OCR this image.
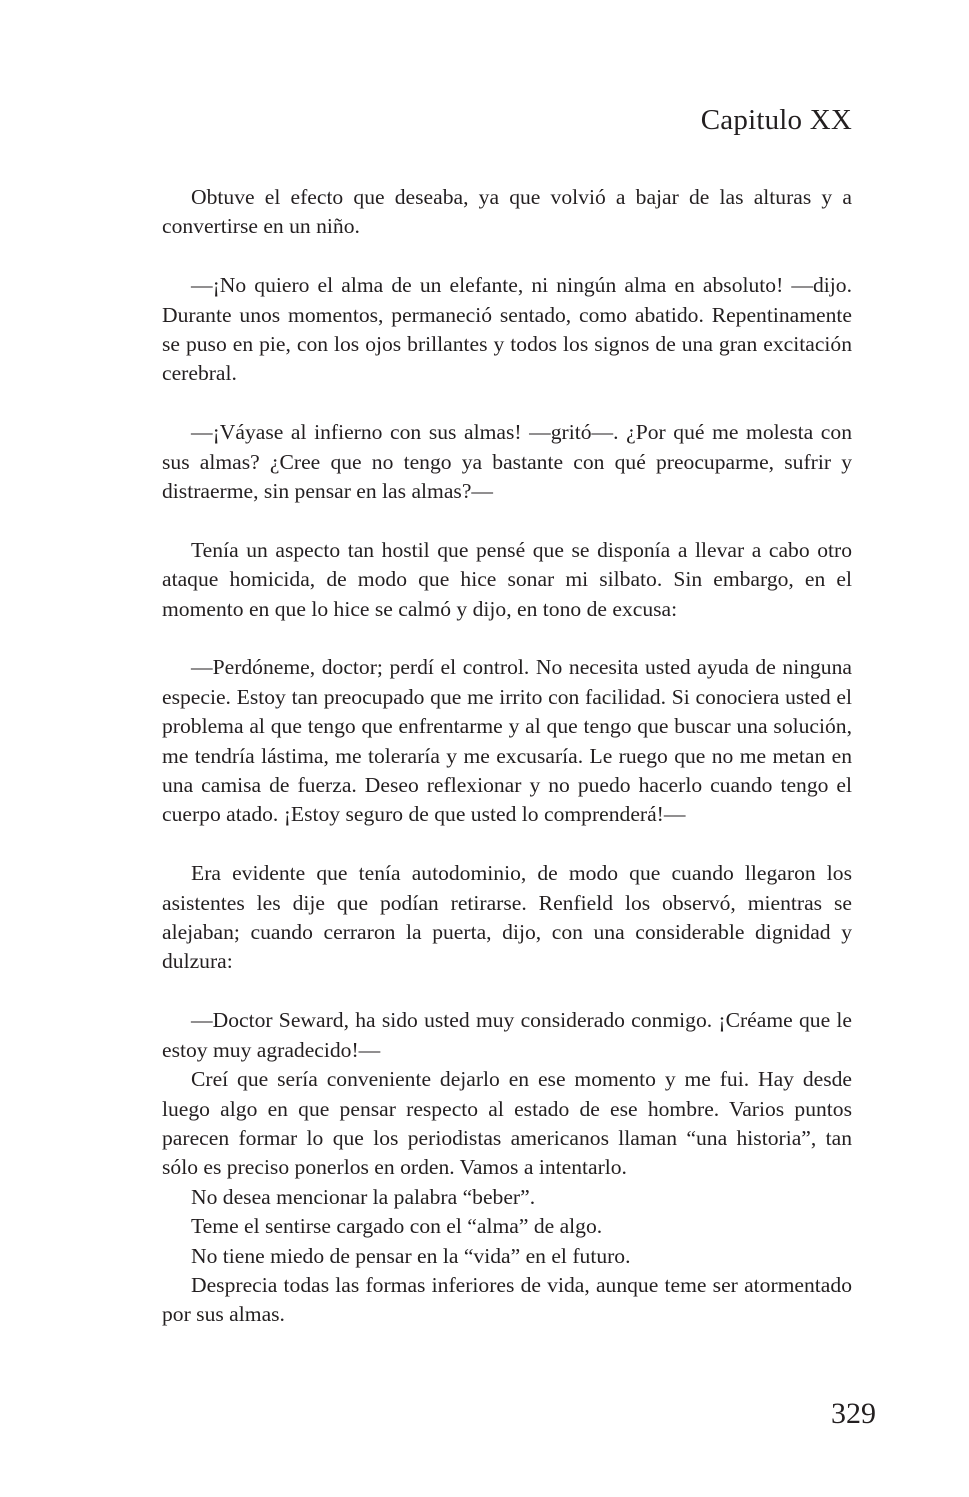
Capitulo XX

Obtuve el efecto que deseaba, ya que volvió a bajar de las alturas y a convertirse en un niño.

—¡No quiero el alma de un elefante, ni ningún alma en absoluto! —dijo. Durante unos momentos, permaneció sentado, como abatido. Repentinamente se puso en pie, con los ojos brillantes y todos los signos de una gran excitación cerebral.

—¡Váyase al infierno con sus almas! —gritó—. ¿Por qué me molesta con sus almas? ¿Cree que no tengo ya bastante con qué preocuparme, sufrir y distraerme, sin pensar en las almas?—

Tenía un aspecto tan hostil que pensé que se disponía a llevar a cabo otro ataque homicida, de modo que hice sonar mi silbato. Sin embargo, en el momento en que lo hice se calmó y dijo, en tono de excusa:

—Perdóneme, doctor; perdí el control. No necesita usted ayuda de ninguna especie. Estoy tan preocupado que me irrito con facilidad. Si conociera usted el problema al que tengo que enfrentarme y al que tengo que buscar una solución, me tendría lástima, me toleraría y me excusaría. Le ruego que no me metan en una camisa de fuerza. Deseo reflexionar y no puedo hacerlo cuando tengo el cuerpo atado. ¡Estoy seguro de que usted lo comprenderá!—

Era evidente que tenía autodominio, de modo que cuando llegaron los asistentes les dije que podían retirarse. Renfield los observó, mientras se alejaban; cuando cerraron la puerta, dijo, con una considerable dignidad y dulzura:

—Doctor Seward, ha sido usted muy considerado conmigo. ¡Créame que le estoy muy agradecido!—

Creí que sería conveniente dejarlo en ese momento y me fui. Hay desde luego algo en que pensar respecto al estado de ese hombre. Varios puntos parecen formar lo que los periodistas americanos llaman “una historia”, tan sólo es preciso ponerlos en orden. Vamos a intentarlo.

No desea mencionar la palabra “beber”.

Teme el sentirse cargado con el “alma” de algo.

No tiene miedo de pensar en la “vida” en el futuro.

Desprecia todas las formas inferiores de vida, aunque teme ser atormentado por sus almas.

329
